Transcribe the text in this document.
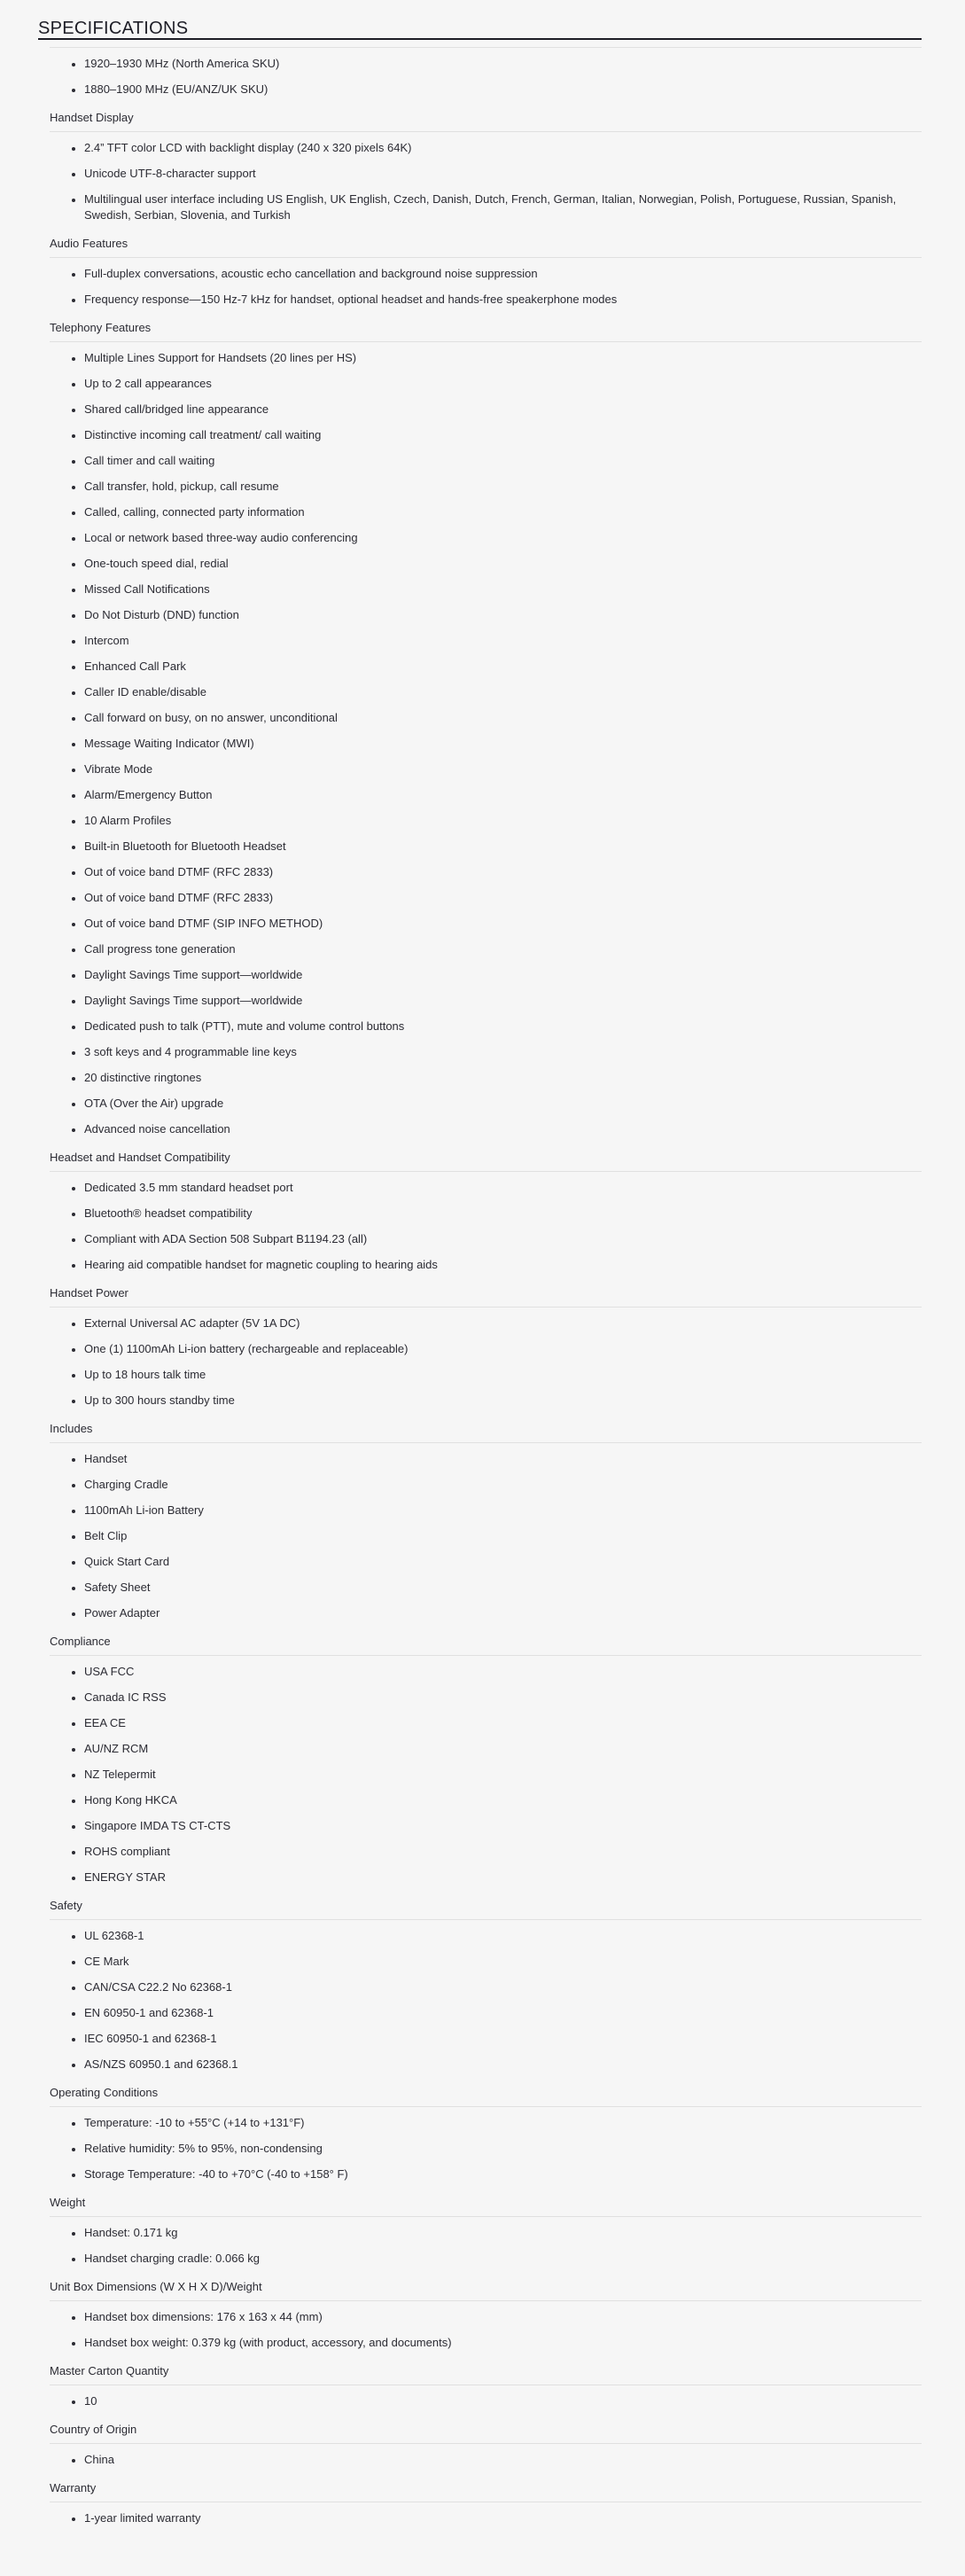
SPECIFICATIONS
• 1920–1930 MHz (North America SKU)
• 1880–1900 MHz (EU/ANZ/UK SKU)
Handset Display
• 2.4” TFT color LCD with backlight display (240 x 320 pixels 64K)
• Unicode UTF-8-character support
• Multilingual user interface including US English, UK English, Czech, Danish, Dutch, French, German, Italian, Norwegian, Polish, Portuguese, Russian, Spanish, Swedish, Serbian, Slovenia, and Turkish
Audio Features
• Full-duplex conversations, acoustic echo cancellation and background noise suppression
• Frequency response—150 Hz-7 kHz for handset, optional headset and hands-free speakerphone modes
Telephony Features
• Multiple Lines Support for Handsets (20 lines per HS)
• Up to 2 call appearances
• Shared call/bridged line appearance
• Distinctive incoming call treatment/ call waiting
• Call timer and call waiting
• Call transfer, hold, pickup, call resume
• Called, calling, connected party information
• Local or network based three-way audio conferencing
• One-touch speed dial, redial
• Missed Call Notifications
• Do Not Disturb (DND) function
• Intercom
• Enhanced Call Park
• Caller ID enable/disable
• Call forward on busy, on no answer, unconditional
• Message Waiting Indicator (MWI)
• Vibrate Mode
• Alarm/Emergency Button
• 10 Alarm Profiles
• Built-in Bluetooth for Bluetooth Headset
• Out of voice band DTMF (RFC 2833)
• Out of voice band DTMF (RFC 2833)
• Out of voice band DTMF (SIP INFO METHOD)
• Call progress tone generation
• Daylight Savings Time support—worldwide
• Daylight Savings Time support—worldwide
• Dedicated push to talk (PTT), mute and volume control buttons
• 3 soft keys and 4 programmable line keys
• 20 distinctive ringtones
• OTA (Over the Air) upgrade
• Advanced noise cancellation
Headset and Handset Compatibility
• Dedicated 3.5 mm standard headset port
• Bluetooth® headset compatibility
• Compliant with ADA Section 508 Subpart B1194.23 (all)
• Hearing aid compatible handset for magnetic coupling to hearing aids
Handset Power
• External Universal AC adapter (5V 1A DC)
• One (1) 1100mAh Li-ion battery (rechargeable and replaceable)
• Up to 18 hours talk time
• Up to 300 hours standby time
Includes
• Handset
• Charging Cradle
• 1100mAh Li-ion Battery
• Belt Clip
• Quick Start Card
• Safety Sheet
• Power Adapter
Compliance
• USA FCC
• Canada IC RSS
• EEA CE
• AU/NZ RCM
• NZ Telepermit
• Hong Kong HKCA
• Singapore IMDA TS CT-CTS
• ROHS compliant
• ENERGY STAR
Safety
• UL 62368-1
• CE Mark
• CAN/CSA C22.2 No 62368-1
• EN 60950-1 and 62368-1
• IEC 60950-1 and 62368-1
• AS/NZS 60950.1 and 62368.1
Operating Conditions
• Temperature: -10 to +55°C (+14 to +131°F)
• Relative humidity: 5% to 95%, non-condensing
• Storage Temperature: -40 to +70°C (-40 to +158° F)
Weight
• Handset: 0.171 kg
• Handset charging cradle: 0.066 kg
Unit Box Dimensions (W X H X D)/Weight
• Handset box dimensions: 176 x 163 x 44 (mm)
• Handset box weight: 0.379 kg (with product, accessory, and documents)
Master Carton Quantity
• 10
Country of Origin
• China
Warranty
• 1-year limited warranty
